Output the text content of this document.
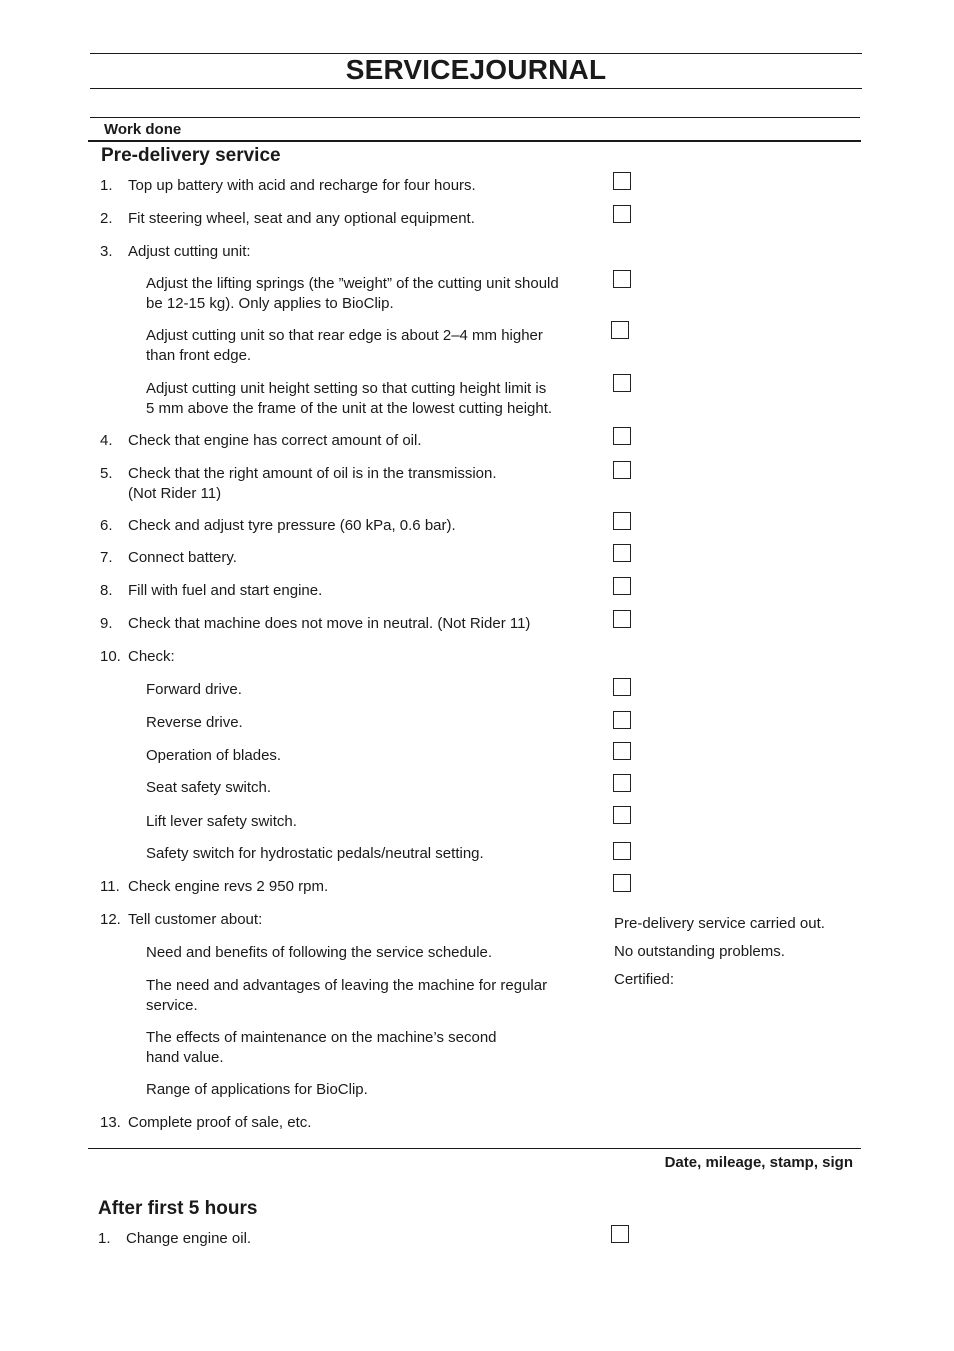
SERVICEJOURNAL
Work done
Pre-delivery service
1. Top up battery with acid and recharge for four hours.
2. Fit steering wheel, seat and any optional equipment.
3. Adjust cutting unit:
Adjust the lifting springs (the ”weight” of the cutting unit should
be 12-15 kg). Only applies to BioClip.
Adjust cutting unit so that rear edge is about 2–4 mm higher
than front edge.
Adjust cutting unit height setting so that cutting height limit is
5 mm above the frame of the unit at the lowest cutting height.
4. Check that engine has correct amount of oil.
5. Check that the right amount of oil is in the transmission.
(Not Rider 11)
6. Check and adjust tyre pressure (60 kPa, 0.6 bar).
7. Connect battery.
8. Fill with fuel and start engine.
9. Check that machine does not move in neutral. (Not Rider 11)
10. Check:
Forward drive.
Reverse drive.
Operation of blades.
Seat safety switch.
Lift lever safety switch.
Safety switch for hydrostatic pedals/neutral setting.
11. Check engine revs 2 950 rpm.
12. Tell customer about:
Need and benefits of following the service schedule.
The need and advantages of leaving the machine for regular
service.
The effects of maintenance on the machine’s second
hand value.
Range of applications for BioClip.
13. Complete proof of sale, etc.
Pre-delivery service carried out.
No outstanding problems.
Certified:
Date, mileage, stamp, sign
After first 5 hours
1. Change engine oil.
